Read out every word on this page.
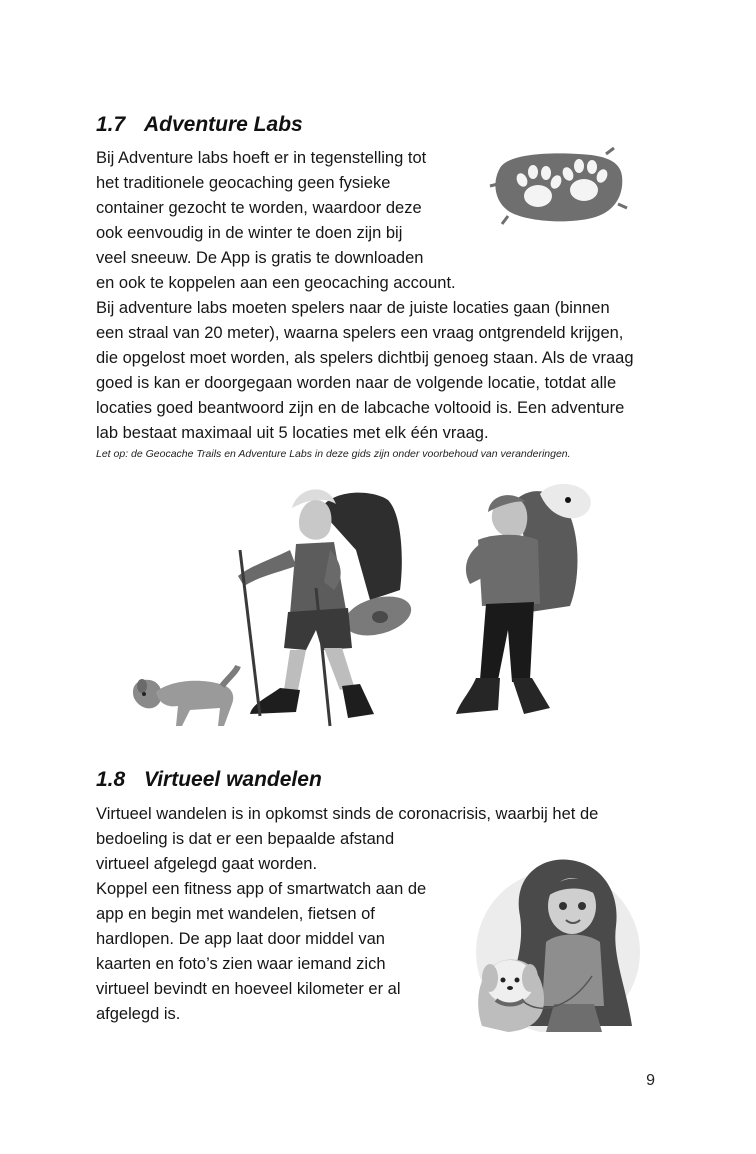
1.7 Adventure Labs
Bij Adventure labs hoeft er in tegenstelling tot
het traditionele geocaching geen fysieke
container gezocht te worden, waardoor deze
ook eenvoudig in de winter te doen zijn bij
veel sneeuw. De App is gratis te downloaden
en ook te koppelen aan een geocaching account.
Bij adventure labs moeten spelers naar de juiste locaties gaan (binnen
een straal van 20 meter), waarna spelers een vraag ontgrendeld krijgen,
die opgelost moet worden, als spelers dichtbij genoeg staan. Als de vraag
goed is kan er doorgegaan worden naar de volgende locatie, totdat alle
locaties goed beantwoord zijn en de labcache voltooid is. Een adventure
lab bestaat maximaal uit 5 locaties met elk één vraag.
Let op: de Geocache Trails en Adventure Labs in deze gids zijn onder voorbehoud van veranderingen.
1.8 Virtueel wandelen
Virtueel wandelen is in opkomst sinds de coronacrisis, waarbij het de
bedoeling is dat er een bepaalde afstand
virtueel afgelegd gaat worden.
Koppel een fitness app of smartwatch aan de
app en begin met wandelen, fietsen of
hardlopen. De app laat door middel van
kaarten en foto’s zien waar iemand zich
virtueel bevindt en hoeveel kilometer er al
afgelegd is.
9
